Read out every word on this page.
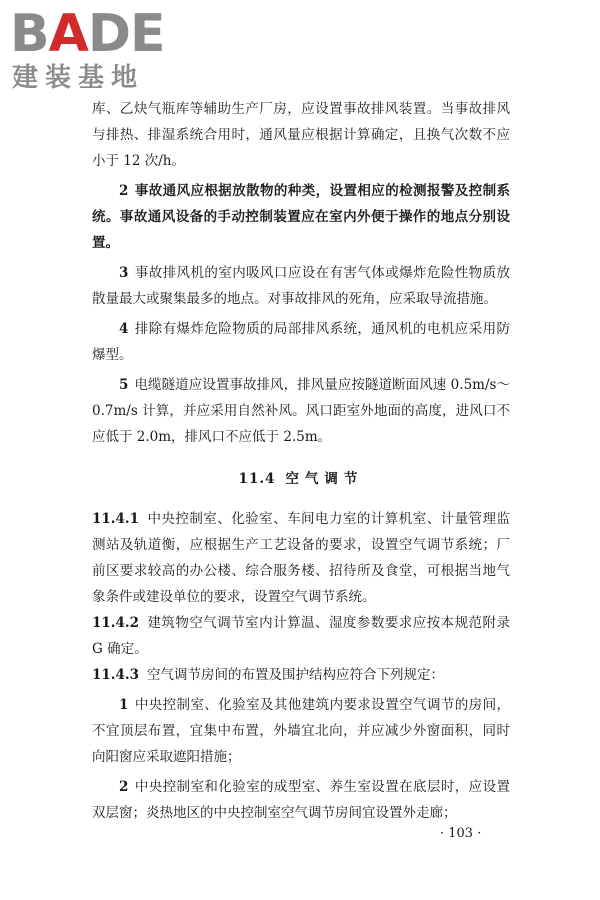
BADE
建装基地

库、乙炔气瓶库等辅助生产厂房，应设置事故排风装置。当事故排风与排热、排湿系统合用时，通风量应根据计算确定，且换气次数不应小于 12 次/h。

2 事故通风应根据放散物的种类，设置相应的检测报警及控制系统。事故通风设备的手动控制装置应在室内外便于操作的地点分别设置。

3 事故排风机的室内吸风口应设在有害气体或爆炸危险性物质放散量最大或聚集最多的地点。对事故排风的死角，应采取导流措施。

4 排除有爆炸危险物质的局部排风系统，通风机的电机应采用防爆型。

5 电缆隧道应设置事故排风，排风量应按隧道断面风速 0.5m/s～0.7m/s 计算，并应采用自然补风。风口距室外地面的高度，进风口不应低于 2.0m，排风口不应低于 2.5m。

11.4 空气调节

11.4.1 中央控制室、化验室、车间电力室的计算机室、计量管理监测站及轨道衡，应根据生产工艺设备的要求，设置空气调节系统；厂前区要求较高的办公楼、综合服务楼、招待所及食堂，可根据当地气象条件或建设单位的要求，设置空气调节系统。

11.4.2 建筑物空气调节室内计算温、湿度参数要求应按本规范附录 G 确定。

11.4.3 空气调节房间的布置及围护结构应符合下列规定：

1 中央控制室、化验室及其他建筑内要求设置空气调节的房间，不宜顶层布置，宜集中布置，外墙宜北向，并应减少外窗面积，同时向阳窗应采取遮阳措施；

2 中央控制室和化验室的成型室、养生室设置在底层时，应设置双层窗；炎热地区的中央控制室空气调节房间宜设置外走廊；

· 103 ·
